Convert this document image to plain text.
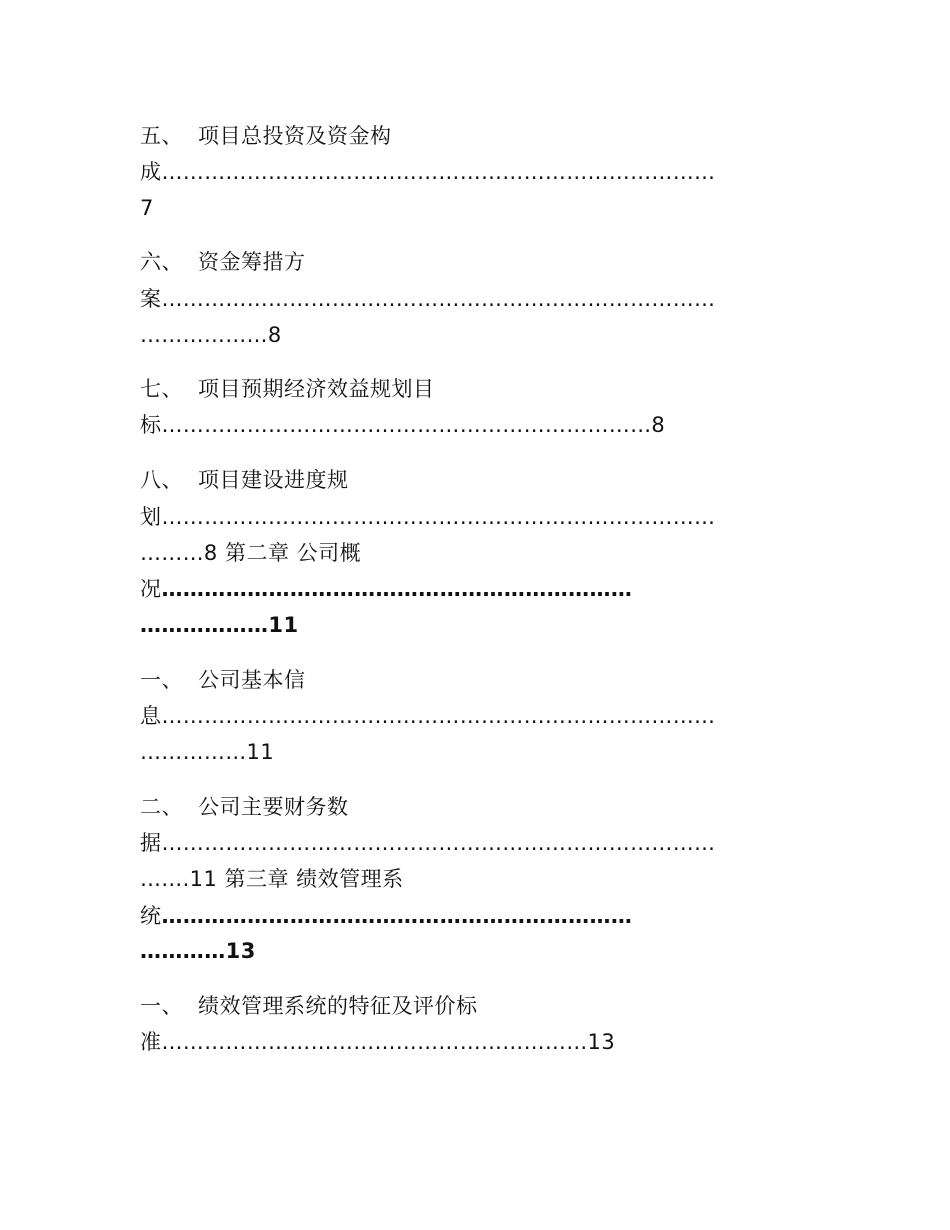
五、 项目总投资及资金构
成……………………………………………………………………
7
六、 资金筹措方
案……………………………………………………………………
………………8
七、 项目预期经济效益规划目
标……………………………………………………………8
八、 项目建设进度规
划……………………………………………………………………
………8 第二章 公司概
况…………………………………………………………
………………11
一、 公司基本信
息……………………………………………………………………
……………11
二、 公司主要财务数
据……………………………………………………………………
…….11 第三章 绩效管理系
统…………………………………………………………
…………13
一、 绩效管理系统的特征及评价标
准……………………………………………………13
